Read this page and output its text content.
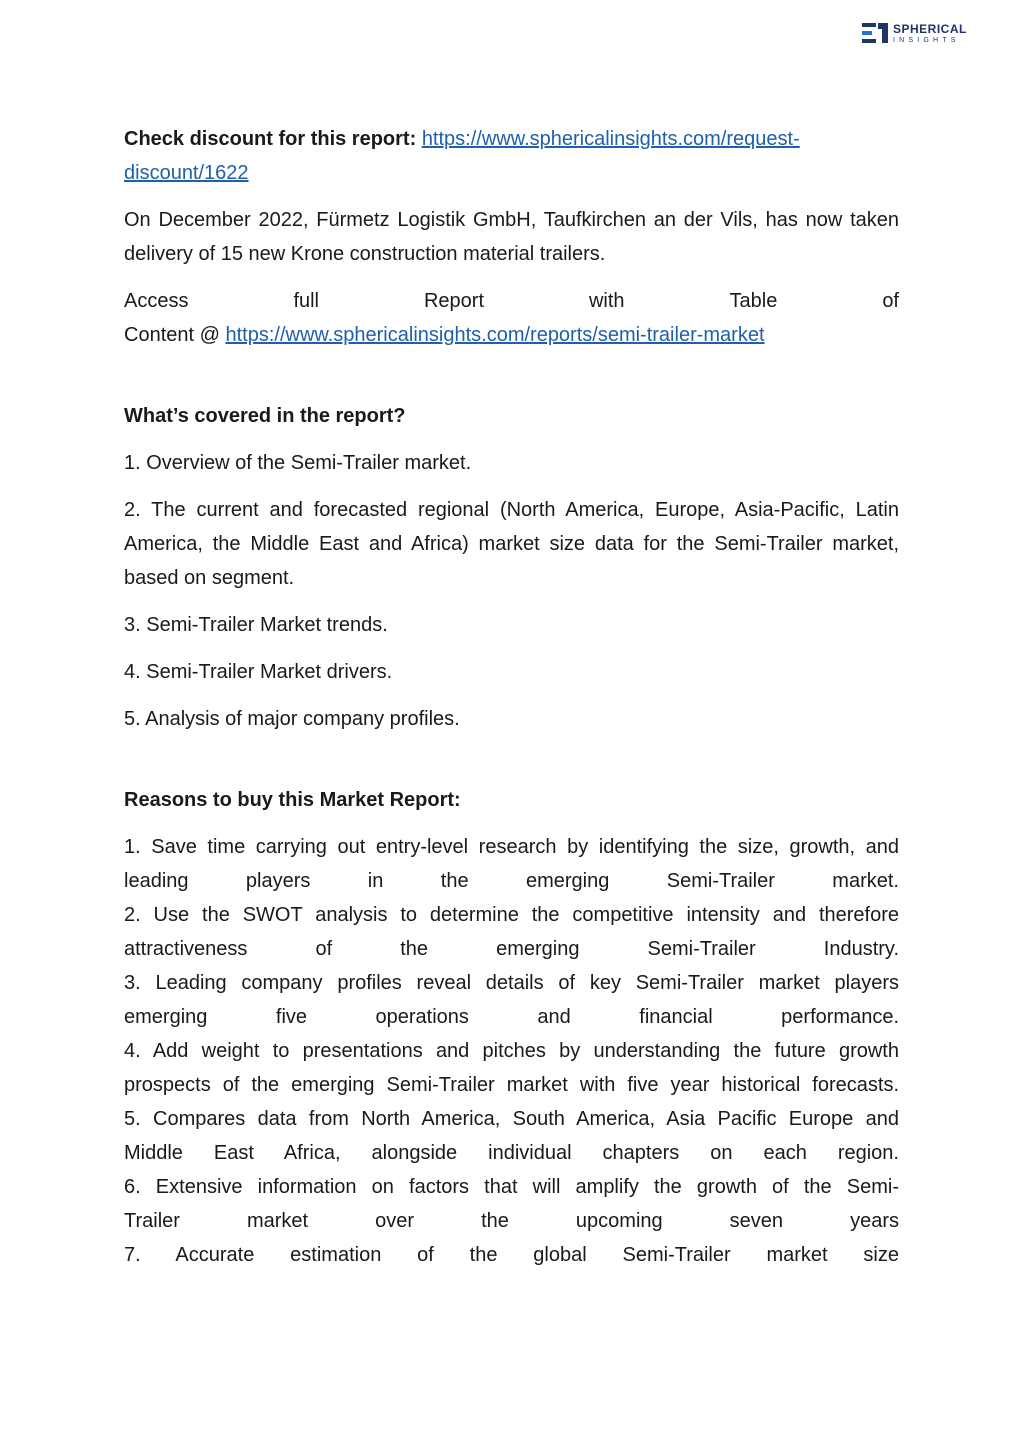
SPHERICAL
INSIGHTS

Check discount for this report: https://www.sphericalinsights.com/request-
discount/1622

On December 2022, Fürmetz Logistik GmbH, Taufkirchen an der Vils, has now taken delivery of 15 new Krone construction material trailers.

Access	full	Report	with	Table	of
Content @ https://www.sphericalinsights.com/reports/semi-trailer-market

What’s covered in the report?

1. Overview of the Semi-Trailer market.

2. The current and forecasted regional (North America, Europe, Asia-Pacific, Latin America, the Middle East and Africa) market size data for the Semi-Trailer market, based on segment.

3. Semi-Trailer Market trends.

4. Semi-Trailer Market drivers.

5. Analysis of major company profiles.

Reasons to buy this Market Report:

1. Save time carrying out entry-level research by identifying the size, growth, and

leading players in the emerging Semi-Trailer market.

2. Use the SWOT analysis to determine the competitive intensity and therefore

attractiveness of the emerging Semi-Trailer Industry.

3. Leading company profiles reveal details of key Semi-Trailer market players

emerging five operations and financial performance.

4. Add weight to presentations and pitches by understanding the future growth

prospects of the emerging Semi-Trailer market with five year historical forecasts.

5. Compares data from North America, South America, Asia Pacific Europe and

Middle East Africa, alongside individual chapters on each region.

6. Extensive information on factors that will amplify the growth of the Semi-

Trailer market over the upcoming seven years

7. Accurate estimation of the global Semi-Trailer market size
